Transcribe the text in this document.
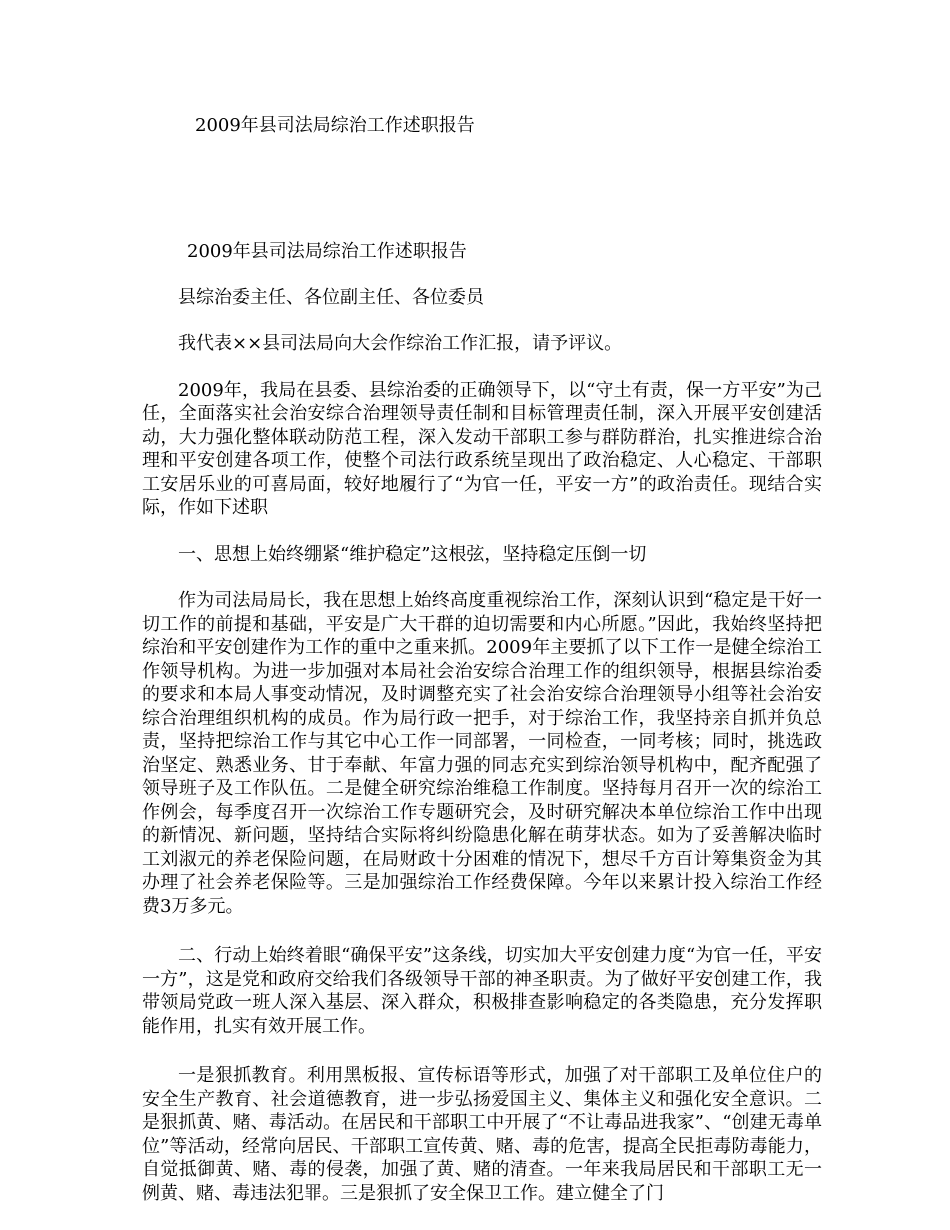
2009年县司法局综治工作述职报告

2009年县司法局综治工作述职报告

县综治委主任、各位副主任、各位委员

我代表××县司法局向大会作综治工作汇报，请予评议。

2009年，我局在县委、县综治委的正确领导下，以“守土有责，保一方平安”为己任，全面落实社会治安综合治理领导责任制和目标管理责任制，深入开展平安创建活动，大力强化整体联动防范工程，深入发动干部职工参与群防群治，扎实推进综合治理和平安创建各项工作，使整个司法行政系统呈现出了政治稳定、人心稳定、干部职工安居乐业的可喜局面，较好地履行了“为官一任，平安一方”的政治责任。现结合实际，作如下述职

一、思想上始终绷紧“维护稳定”这根弦，坚持稳定压倒一切

作为司法局局长，我在思想上始终高度重视综治工作，深刻认识到“稳定是干好一切工作的前提和基础，平安是广大干群的迫切需要和内心所愿。”因此，我始终坚持把综治和平安创建作为工作的重中之重来抓。2009年主要抓了以下工作一是健全综治工作领导机构。为进一步加强对本局社会治安综合治理工作的组织领导，根据县综治委的要求和本局人事变动情况，及时调整充实了社会治安综合治理领导小组等社会治安综合治理组织机构的成员。作为局行政一把手，对于综治工作，我坚持亲自抓并负总责，坚持把综治工作与其它中心工作一同部署，一同检查，一同考核；同时，挑选政治坚定、熟悉业务、甘于奉献、年富力强的同志充实到综治领导机构中，配齐配强了领导班子及工作队伍。二是健全研究综治维稳工作制度。坚持每月召开一次的综治工作例会，每季度召开一次综治工作专题研究会，及时研究解决本单位综治工作中出现的新情况、新问题，坚持结合实际将纠纷隐患化解在萌芽状态。如为了妥善解决临时工刘淑元的养老保险问题，在局财政十分困难的情况下，想尽千方百计筹集资金为其办理了社会养老保险等。三是加强综治工作经费保障。今年以来累计投入综治工作经费3万多元。

二、行动上始终着眼“确保平安”这条线，切实加大平安创建力度“为官一任，平安一方”，这是党和政府交给我们各级领导干部的神圣职责。为了做好平安创建工作，我带领局党政一班人深入基层、深入群众，积极排查影响稳定的各类隐患，充分发挥职能作用，扎实有效开展工作。

一是狠抓教育。利用黑板报、宣传标语等形式，加强了对干部职工及单位住户的安全生产教育、社会道德教育，进一步弘扬爱国主义、集体主义和强化安全意识。二是狠抓黄、赌、毒活动。在居民和干部职工中开展了“不让毒品进我家”、“创建无毒单位”等活动，经常向居民、干部职工宣传黄、赌、毒的危害，提高全民拒毒防毒能力，自觉抵御黄、赌、毒的侵袭，加强了黄、赌的清查。一年来我局居民和干部职工无一例黄、赌、毒违法犯罪。三是狠抓了安全保卫工作。建立健全了门
